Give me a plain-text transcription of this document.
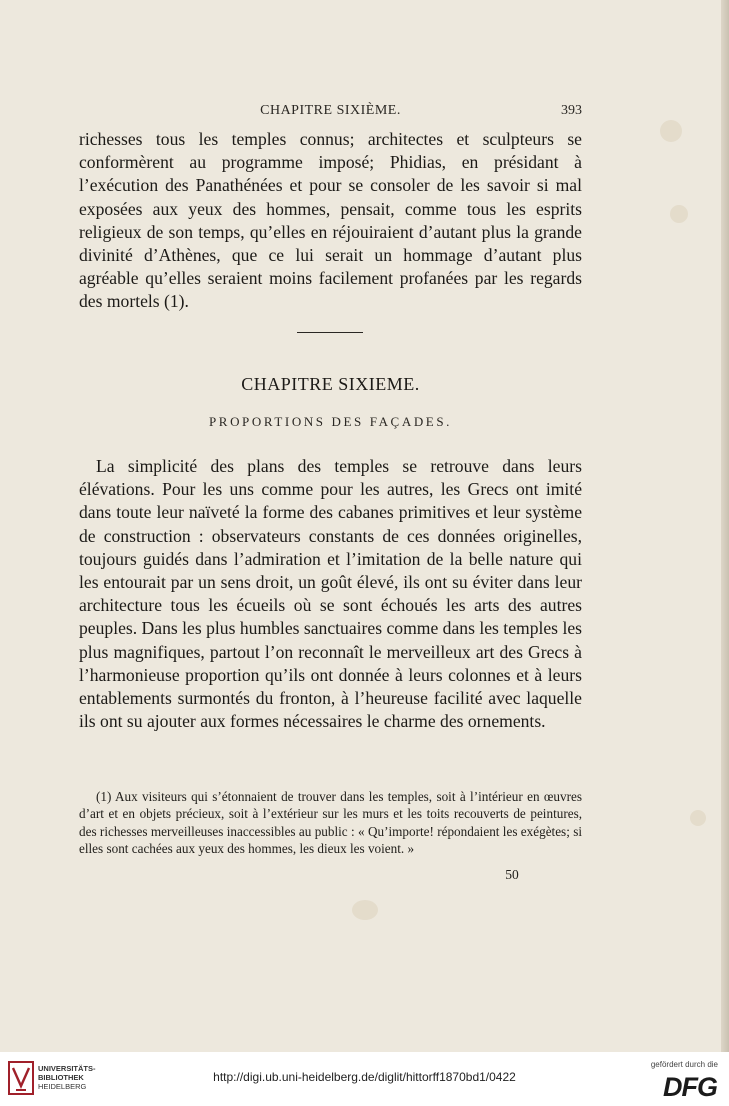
CHAPITRE SIXIÈME.	393

richesses tous les temples connus; architectes et sculpteurs se conformèrent au programme imposé; Phidias, en présidant à l’exécution des Panathénées et pour se consoler de les savoir si mal exposées aux yeux des hommes, pensait, comme tous les esprits religieux de son temps, qu’elles en réjouiraient d’autant plus la grande divinité d’Athènes, que ce lui serait un hommage d’autant plus agréable qu’elles seraient moins facilement profanées par les regards des mortels (1).

CHAPITRE SIXIEME.
PROPORTIONS DES FAÇADES.

La simplicité des plans des temples se retrouve dans leurs élévations. Pour les uns comme pour les autres, les Grecs ont imité dans toute leur naïveté la forme des cabanes primitives et leur système de construction : observateurs constants de ces données originelles, toujours guidés dans l’admiration et l’imitation de la belle nature qui les entourait par un sens droit, un goût élevé, ils ont su éviter dans leur architecture tous les écueils où se sont échoués les arts des autres peuples. Dans les plus humbles sanctuaires comme dans les temples les plus magnifiques, partout l’on reconnaît le merveilleux art des Grecs à l’harmonieuse proportion qu’ils ont donnée à leurs colonnes et à leurs entablements surmontés du fronton, à l’heureuse facilité avec laquelle ils ont su ajouter aux formes nécessaires le charme des ornements.

(1) Aux visiteurs qui s’étonnaient de trouver dans les temples, soit à l’intérieur en œuvres d’art et en objets précieux, soit à l’extérieur sur les murs et les toits recouverts de peintures, des richesses merveilleuses inaccessibles au public : « Qu’importe! répondaient les exégètes; si elles sont cachées aux yeux des hommes, les dieux les voient. »

50
UNIVERSITÄTS-
BIBLIOTHEK
HEIDELBERG
http://digi.ub.uni-heidelberg.de/diglit/hittorff1870bd1/0422
gefördert durch die
DFG
